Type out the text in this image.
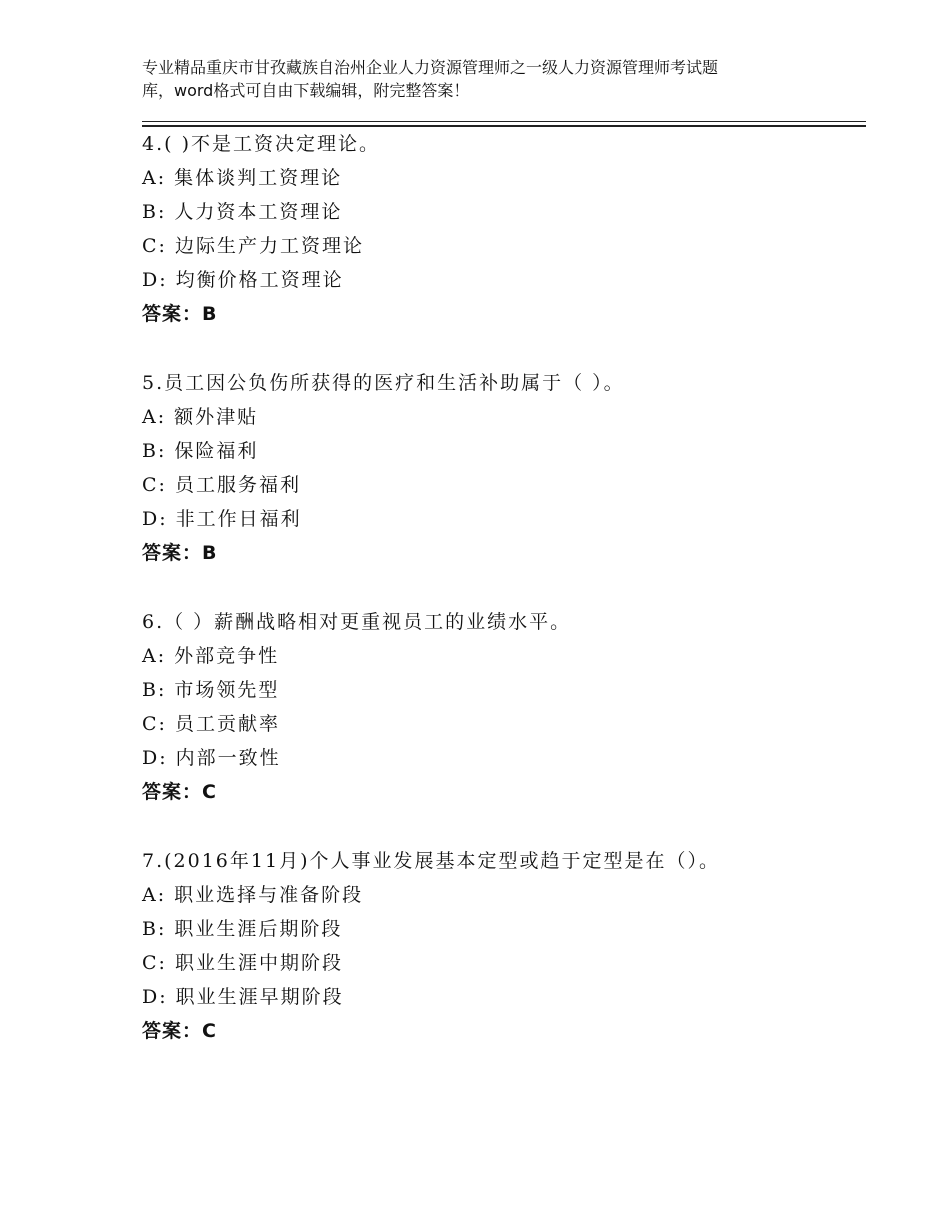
专业精品重庆市甘孜藏族自治州企业人力资源管理师之一级人力资源管理师考试题
库，word格式可自由下载编辑，附完整答案！
4.( )不是工资决定理论。
A: 集体谈判工资理论
B: 人力资本工资理论
C: 边际生产力工资理论
D: 均衡价格工资理论
答案：B
5.员工因公负伤所获得的医疗和生活补助属于（ ）。
A: 额外津贴
B: 保险福利
C: 员工服务福利
D: 非工作日福利
答案：B
6.（ ）薪酬战略相对更重视员工的业绩水平。
A: 外部竞争性
B: 市场领先型
C: 员工贡献率
D: 内部一致性
答案：C
7.(2016年11月)个人事业发展基本定型或趋于定型是在（）。
A: 职业选择与准备阶段
B: 职业生涯后期阶段
C: 职业生涯中期阶段
D: 职业生涯早期阶段
答案：C
